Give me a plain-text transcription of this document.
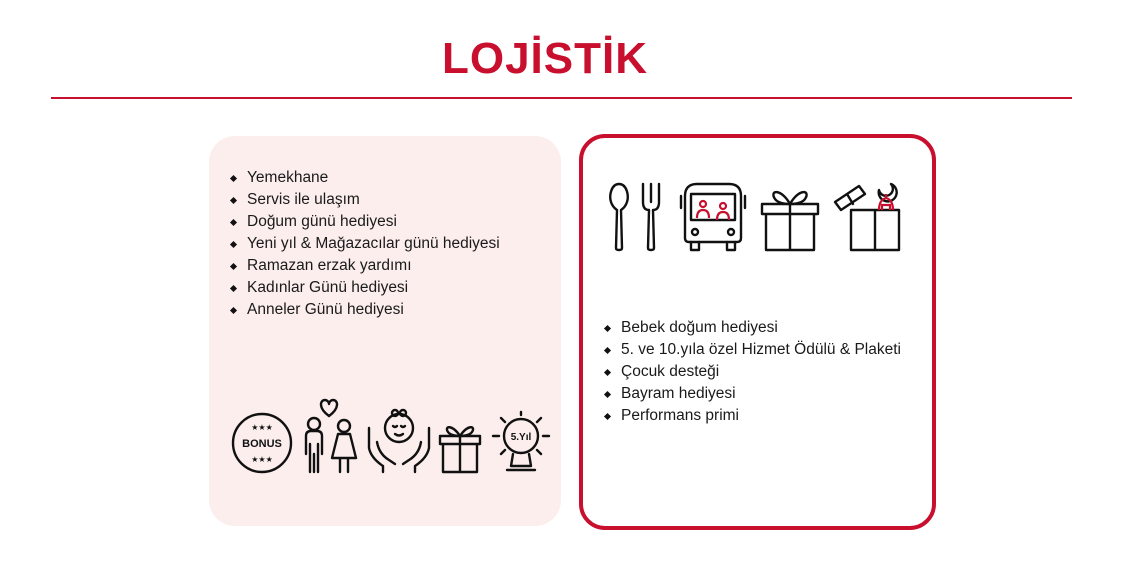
LOJİSTİK
Yemekhane
Servis ile ulaşım
Doğum günü hediyesi
Yeni yıl & Mağazacılar günü hediyesi
Ramazan erzak yardımı
Kadınlar Günü hediyesi
Anneler Günü hediyesi
★★★
BONUS
★★★
5.Yıl
Bebek doğum hediyesi
5. ve 10.yıla özel Hizmet Ödülü & Plaketi
Çocuk desteği
Bayram hediyesi
Performans primi
